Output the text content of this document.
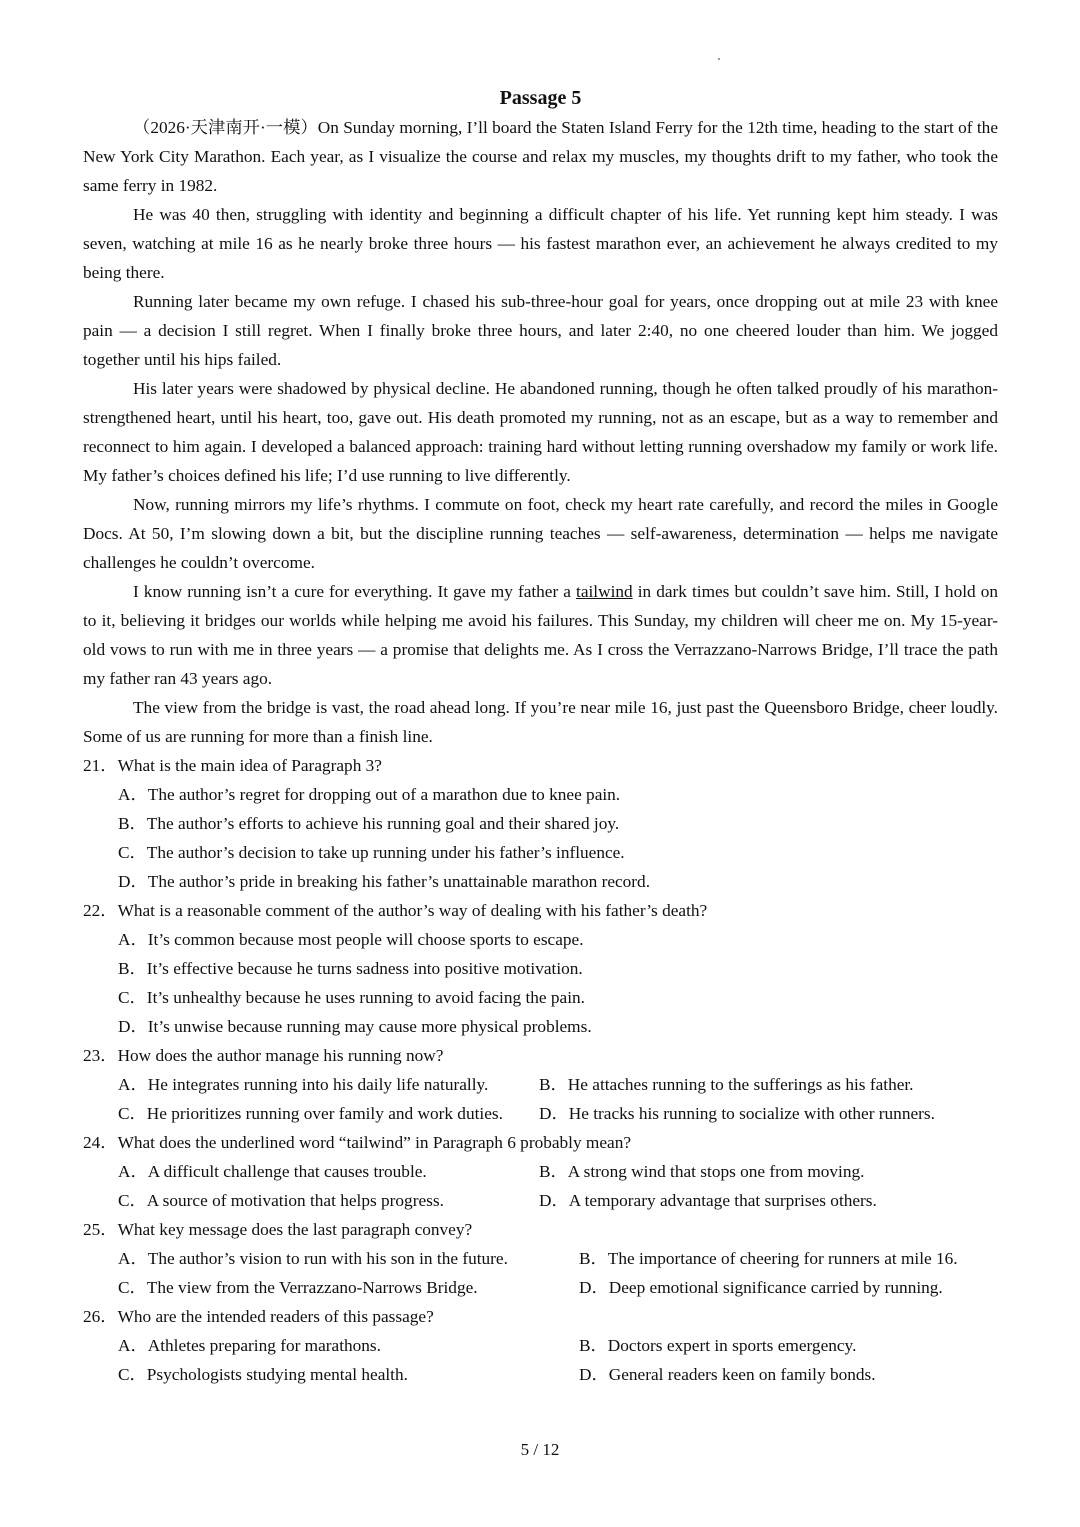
Passage 5

（2026·天津南开·一模）On Sunday morning, I’ll board the Staten Island Ferry for the 12th time, heading to the start of the New York City Marathon. Each year, as I visualize the course and relax my muscles, my thoughts drift to my father, who took the same ferry in 1982.

He was 40 then, struggling with identity and beginning a difficult chapter of his life. Yet running kept him steady. I was seven, watching at mile 16 as he nearly broke three hours — his fastest marathon ever, an achievement he always credited to my being there.

Running later became my own refuge. I chased his sub-three-hour goal for years, once dropping out at mile 23 with knee pain — a decision I still regret. When I finally broke three hours, and later 2:40, no one cheered louder than him. We jogged together until his hips failed.

His later years were shadowed by physical decline. He abandoned running, though he often talked proudly of his marathon-strengthened heart, until his heart, too, gave out. His death promoted my running, not as an escape, but as a way to remember and reconnect to him again. I developed a balanced approach: training hard without letting running overshadow my family or work life. My father’s choices defined his life; I’d use running to live differently.

Now, running mirrors my life’s rhythms. I commute on foot, check my heart rate carefully, and record the miles in Google Docs. At 50, I’m slowing down a bit, but the discipline running teaches — self-awareness, determination — helps me navigate challenges he couldn’t overcome.

I know running isn’t a cure for everything. It gave my father a tailwind in dark times but couldn’t save him. Still, I hold on to it, believing it bridges our worlds while helping me avoid his failures. This Sunday, my children will cheer me on. My 15-year-old vows to run with me in three years — a promise that delights me. As I cross the Verrazzano-Narrows Bridge, I’ll trace the path my father ran 43 years ago.

The view from the bridge is vast, the road ahead long. If you’re near mile 16, just past the Queensboro Bridge, cheer loudly. Some of us are running for more than a finish line.

21．What is the main idea of Paragraph 3?
A．The author’s regret for dropping out of a marathon due to knee pain.
B．The author’s efforts to achieve his running goal and their shared joy.
C．The author’s decision to take up running under his father’s influence.
D．The author’s pride in breaking his father’s unattainable marathon record.
22．What is a reasonable comment of the author’s way of dealing with his father’s death?
A．It’s common because most people will choose sports to escape.
B．It’s effective because he turns sadness into positive motivation.
C．It’s unhealthy because he uses running to avoid facing the pain.
D．It’s unwise because running may cause more physical problems.
23．How does the author manage his running now?
A．He integrates running into his daily life naturally.	B．He attaches running to the sufferings as his father.
C．He prioritizes running over family and work duties.	D．He tracks his running to socialize with other runners.
24．What does the underlined word “tailwind” in Paragraph 6 probably mean?
A．A difficult challenge that causes trouble.	B．A strong wind that stops one from moving.
C．A source of motivation that helps progress.	D．A temporary advantage that surprises others.
25．What key message does the last paragraph convey?
A．The author’s vision to run with his son in the future.	B．The importance of cheering for runners at mile 16.
C．The view from the Verrazzano-Narrows Bridge.	D．Deep emotional significance carried by running.
26．Who are the intended readers of this passage?
A．Athletes preparing for marathons.	B．Doctors expert in sports emergency.
C．Psychologists studying mental health.	D．General readers keen on family bonds.
5 / 12
